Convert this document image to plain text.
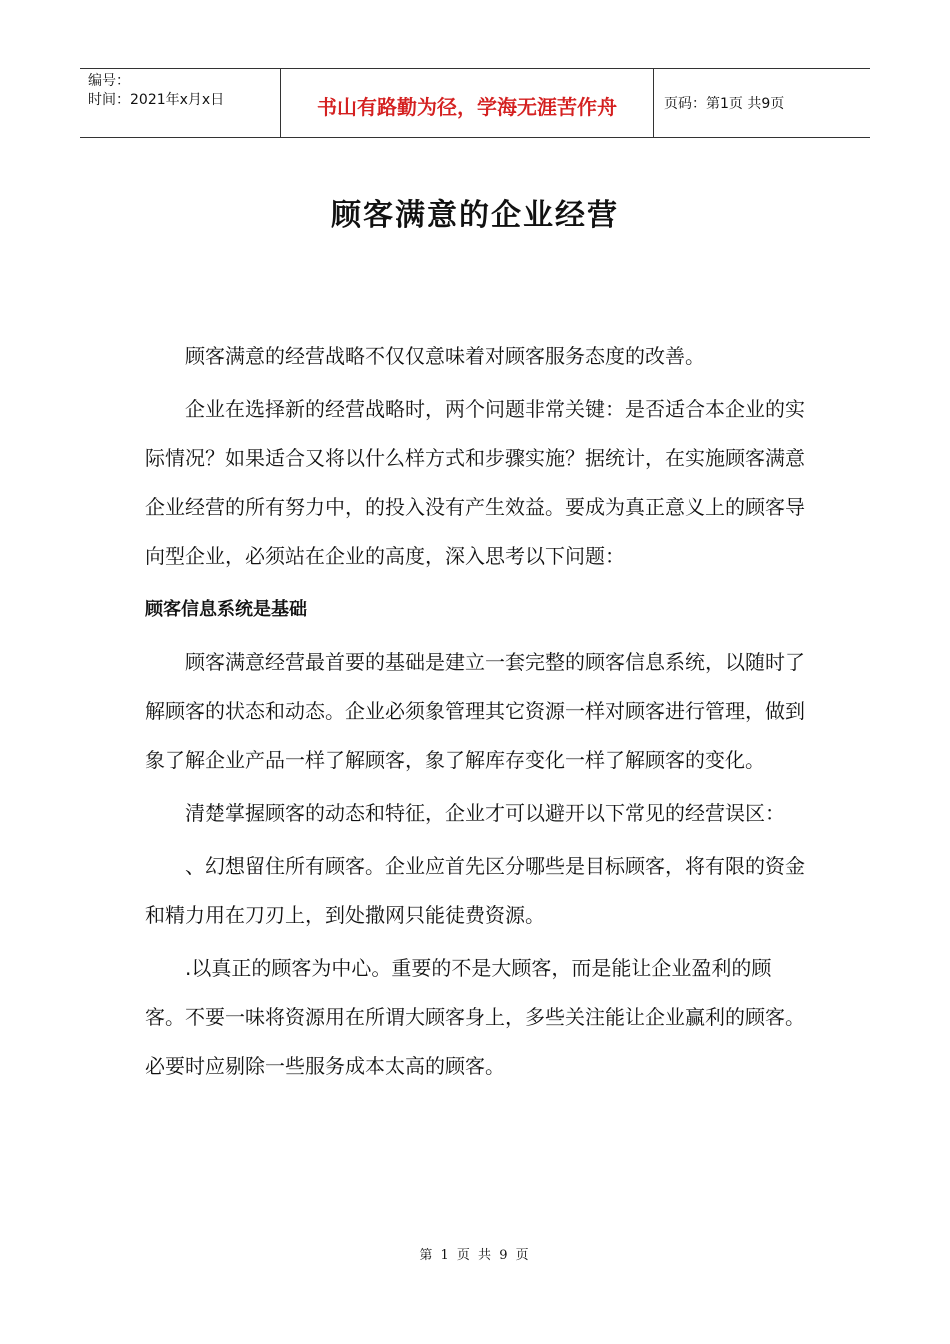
编号：
时间：2021年x月x日	书山有路勤为径，学海无涯苦作舟	页码：第1页 共9页
顾客满意的企业经营

顾客满意的经营战略不仅仅意味着对顾客服务态度的改善。

企业在选择新的经营战略时，两个问题非常关键：是否适合本企业的实际情况？如果适合又将以什么样方式和步骤实施？据统计，在实施顾客满意企业经营的所有努力中，的投入没有产生效益。要成为真正意义上的顾客导向型企业，必须站在企业的高度，深入思考以下问题：

顾客信息系统是基础

顾客满意经营最首要的基础是建立一套完整的顾客信息系统，以随时了解顾客的状态和动态。企业必须象管理其它资源一样对顾客进行管理，做到象了解企业产品一样了解顾客，象了解库存变化一样了解顾客的变化。

清楚掌握顾客的动态和特征，企业才可以避开以下常见的经营误区：

、幻想留住所有顾客。企业应首先区分哪些是目标顾客，将有限的资金和精力用在刀刃上，到处撒网只能徒费资源。

.以真正的顾客为中心。重要的不是大顾客，而是能让企业盈利的顾客。不要一味将资源用在所谓大顾客身上，多些关注能让企业赢利的顾客。必要时应剔除一些服务成本太高的顾客。

第 1 页 共 9 页
